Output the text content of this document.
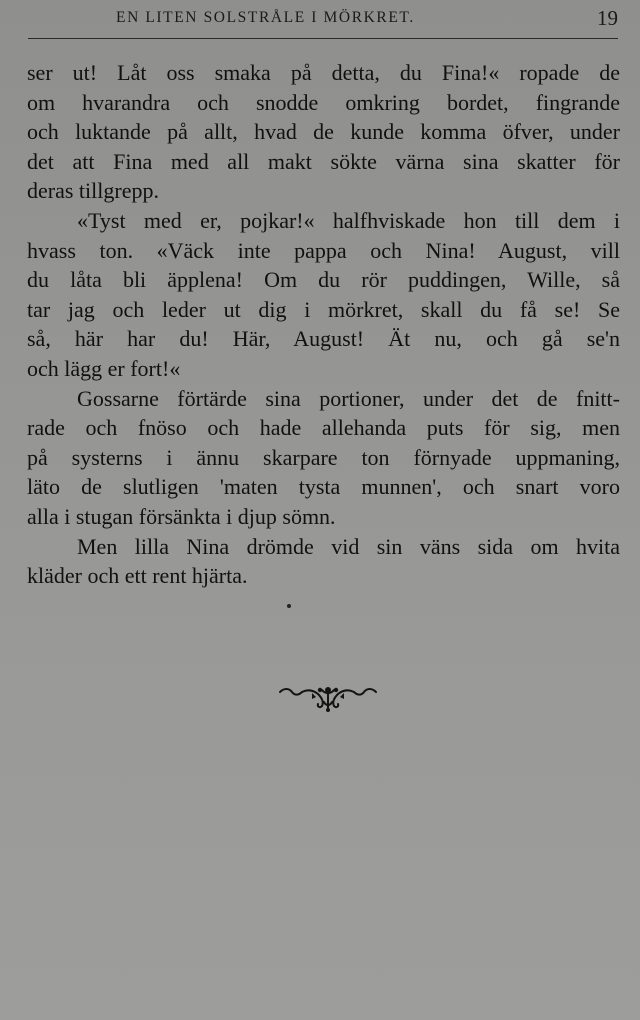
EN LITEN SOLSTRÅLE I MÖRKRET.	19
ser ut! Låt oss smaka på detta, du Fina!« ropade de
om hvarandra och snodde omkring bordet, fingrande
och luktande på allt, hvad de kunde komma öfver, under
det att Fina med all makt sökte värna sina skatter för
deras tillgrepp.
«Tyst med er, pojkar!« halfhviskade hon till dem i
hvass ton. «Väck inte pappa och Nina! August, vill
du låta bli äpplena! Om du rör puddingen, Wille, så
tar jag och leder ut dig i mörkret, skall du få se! Se
så, här har du! Här, August! Ät nu, och gå se'n
och lägg er fort!«
Gossarne förtärde sina portioner, under det de fnitt-
rade och fnöso och hade allehanda puts för sig, men
på systerns i ännu skarpare ton förnyade uppmaning,
läto de slutligen 'maten tysta munnen', och snart voro
alla i stugan försänkta i djup sömn.
Men lilla Nina drömde vid sin väns sida om hvita
kläder och ett rent hjärta.
